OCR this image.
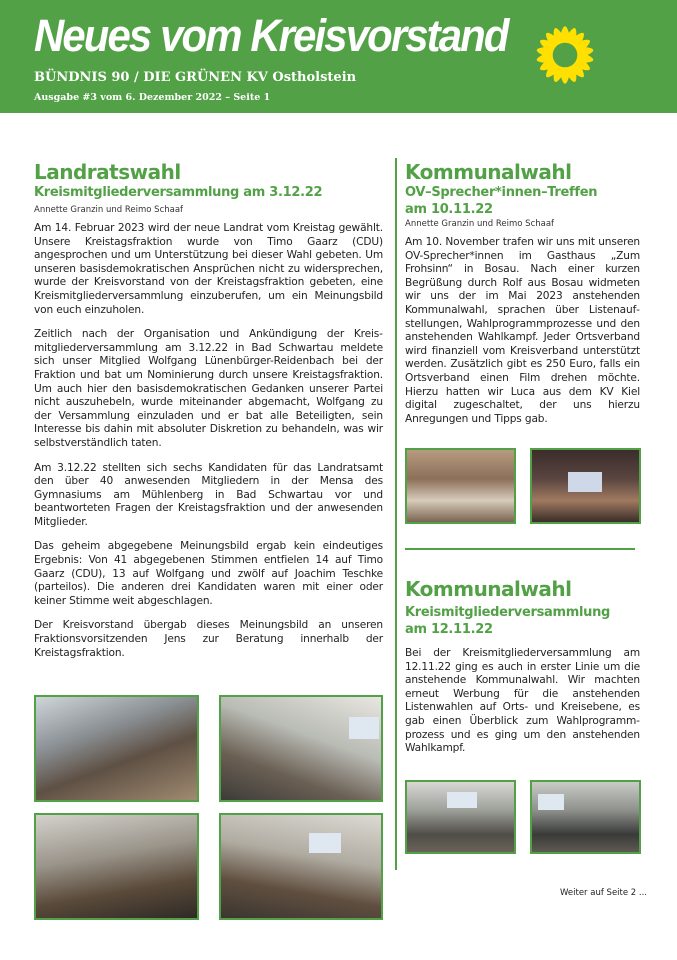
Neues vom Kreisvorstand
BÜNDNIS 90 / DIE GRÜNEN KV Ostholstein
Ausgabe #3 vom 6. Dezember 2022 – Seite 1
Landratswahl
Kreismitgliederversammlung am 3.12.22
Annette Granzin und Reimo Schaaf

Am 14. Februar 2023 wird der neue Landrat vom Kreistag gewählt. Unsere Kreistagsfraktion wurde von Timo Gaarz (CDU) angesprochen und um Unterstützung bei dieser Wahl gebeten. Um unseren basisdemokratischen Ansprüchen nicht zu widersprechen, wurde der Kreisvorstand von der Kreistagsfraktion gebeten, eine Kreismitgliederversammlung einzuberufen, um ein Meinungsbild von euch einzuholen.

Zeitlich nach der Organisation und Ankündigung der Kreismitgliederversammlung am 3.12.22 in Bad Schwartau meldete sich unser Mitglied Wolfgang Lünenbürger-Reidenbach bei der Fraktion und bat um Nominierung durch unsere Kreistagsfraktion. Um auch hier den basisdemokratischen Gedanken unserer Partei nicht auszuhebeln, wurde miteinander abgemacht, Wolfgang zu der Versammlung einzuladen und er bat alle Beteiligten, sein Interesse bis dahin mit absoluter Diskretion zu behandeln, was wir selbstverständlich taten.

Am 3.12.22 stellten sich sechs Kandidaten für das Landratsamt den über 40 anwesenden Mitgliedern in der Mensa des Gymnasiums am Mühlenberg in Bad Schwartau vor und beantworteten Fragen der Kreistagsfraktion und der anwesenden Mitglieder.

Das geheim abgegebene Meinungsbild ergab kein eindeutiges Ergebnis: Von 41 abgegebenen Stimmen entfielen 14 auf Timo Gaarz (CDU), 13 auf Wolfgang und zwölf auf Joachim Teschke (parteilos). Die anderen drei Kandidaten waren mit einer oder keiner Stimme weit abgeschlagen.

Der Kreisvorstand übergab dieses Meinungsbild an unseren Fraktionsvorsitzenden Jens zur Beratung innerhalb der Kreistagsfraktion.

Kommunalwahl
OV–Sprecher*innen–Treffen
am 10.11.22
Annette Granzin und Reimo Schaaf

Am 10. November trafen wir uns mit unseren OV-Sprecher*innen im Gasthaus „Zum Frohsinn“ in Bosau. Nach einer kurzen Begrüßung durch Rolf aus Bosau widmeten wir uns der im Mai 2023 anstehenden Kommunalwahl, sprachen über Listenaufstellungen, Wahlprogrammprozesse und den anstehenden Wahlkampf. Jeder Ortsverband wird finanziell vom Kreisverband unterstützt werden. Zusätzlich gibt es 250 Euro, falls ein Ortsverband einen Film drehen möchte. Hierzu hatten wir Luca aus dem KV Kiel digital zugeschaltet, der uns hierzu Anregungen und Tipps gab.

Kommunalwahl
Kreismitgliederversammlung
am 12.11.22

Bei der Kreismitgliederversammlung am 12.11.22 ging es auch in erster Linie um die anstehende Kommunalwahl. Wir machten erneut Werbung für die anstehenden Listenwahlen auf Orts- und Kreisebene, es gab einen Überblick zum Wahlprogrammprozess und es ging um den anstehenden Wahlkampf.

Weiter auf Seite 2 ...
